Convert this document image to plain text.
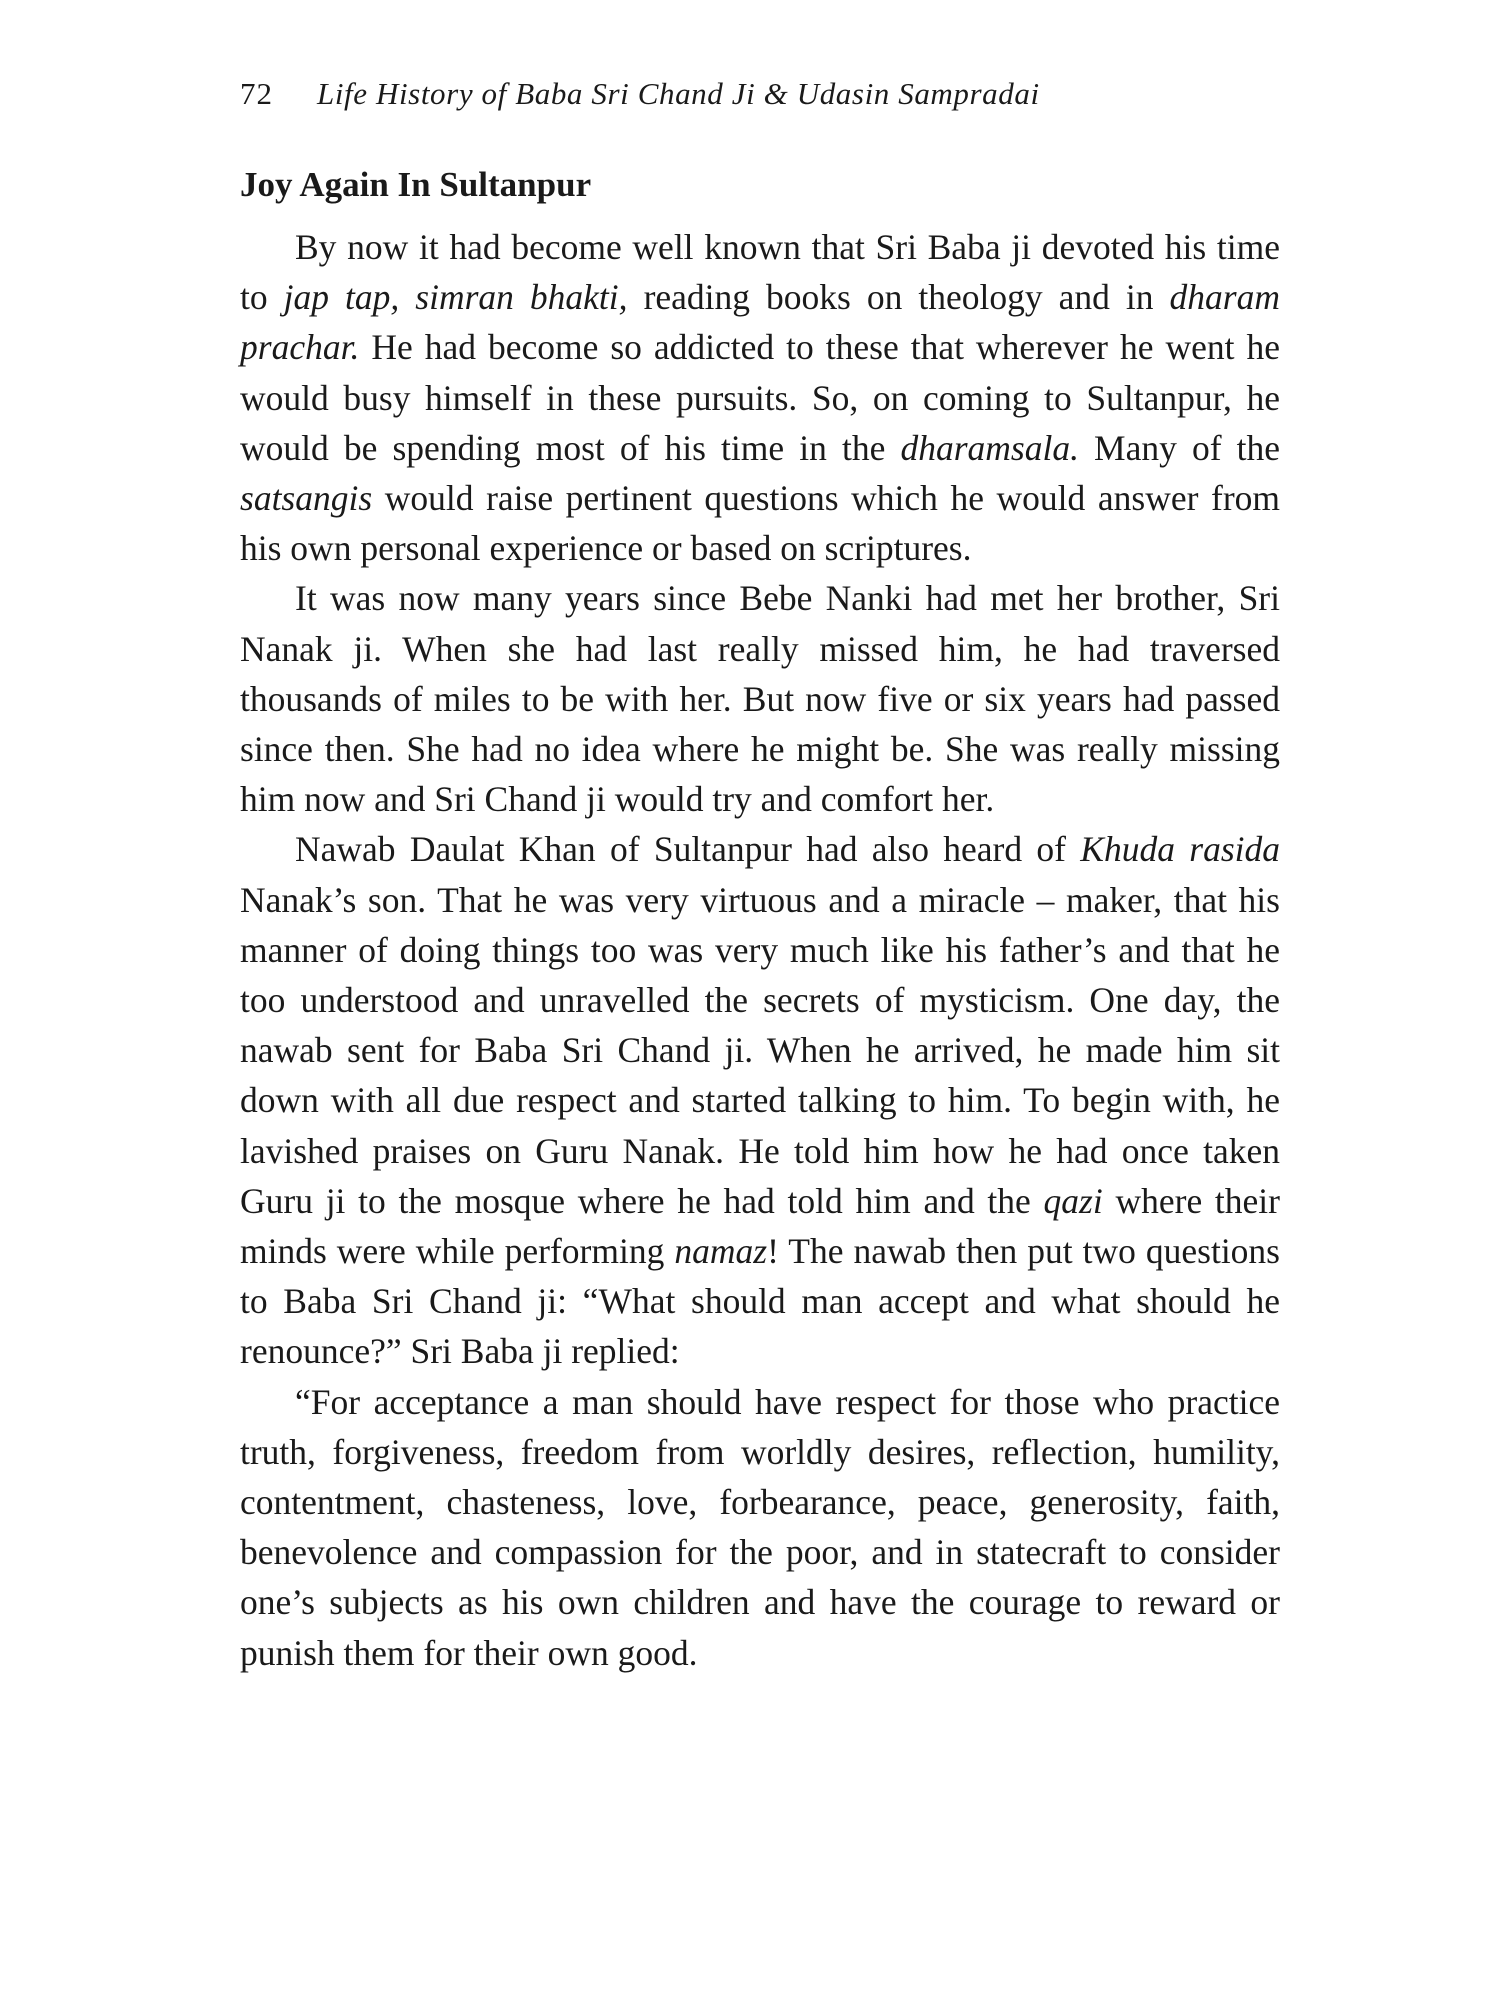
72 Life History of Baba Sri Chand Ji & Udasin Sampradai
Joy Again In Sultanpur

By now it had become well known that Sri Baba ji devoted his time to jap tap, simran bhakti, reading books on theology and in dharam prachar. He had become so addicted to these that wherever he went he would busy himself in these pursuits. So, on coming to Sultanpur, he would be spending most of his time in the dharamsala. Many of the satsangis would raise pertinent questions which he would answer from his own personal experience or based on scriptures.

It was now many years since Bebe Nanki had met her brother, Sri Nanak ji. When she had last really missed him, he had traversed thousands of miles to be with her. But now five or six years had passed since then. She had no idea where he might be. She was really missing him now and Sri Chand ji would try and comfort her.

Nawab Daulat Khan of Sultanpur had also heard of Khuda rasida Nanak’s son. That he was very virtuous and a miracle – maker, that his manner of doing things too was very much like his father’s and that he too understood and unravelled the secrets of mysticism. One day, the nawab sent for Baba Sri Chand ji. When he arrived, he made him sit down with all due respect and started talking to him. To begin with, he lavished praises on Guru Nanak. He told him how he had once taken Guru ji to the mosque where he had told him and the qazi where their minds were while performing namaz! The nawab then put two questions to Baba Sri Chand ji: “What should man accept and what should he renounce?” Sri Baba ji replied:

“For acceptance a man should have respect for those who practice truth, forgiveness, freedom from worldly desires, reflection, humility, contentment, chasteness, love, forbearance, peace, generosity, faith, benevolence and compassion for the poor, and in statecraft to consider one’s subjects as his own children and have the courage to reward or punish them for their own good.
